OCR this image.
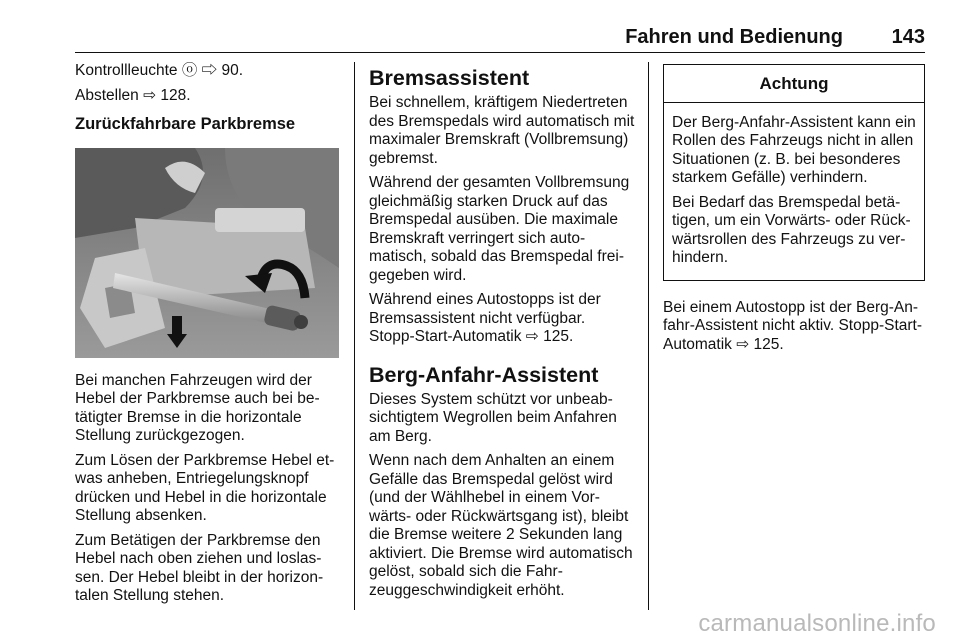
Fahren und Bedienung 143

Kontrollleuchte ⓞ ⇨ 90.

Abstellen ⇨ 128.

Zurückfahrbare Parkbremse

Bei manchen Fahrzeugen wird der Hebel der Parkbremse auch bei betätigter Bremse in die horizontale Stellung zurückgezogen.

Zum Lösen der Parkbremse Hebel etwas anheben, Entriegelungsknopf drücken und Hebel in die horizontale Stellung absenken.

Zum Betätigen der Parkbremse den Hebel nach oben ziehen und loslassen. Der Hebel bleibt in der horizontalen Stellung stehen.

Bremsassistent

Bei schnellem, kräftigem Niedertreten des Bremspedals wird automatisch mit maximaler Bremskraft (Vollbremsung) gebremst.

Während der gesamten Vollbremsung gleichmäßig starken Druck auf das Bremspedal ausüben. Die maximale Bremskraft verringert sich automatisch, sobald das Bremspedal freigegeben wird.

Während eines Autostopps ist der Bremsassistent nicht verfügbar. Stopp-Start-Automatik ⇨ 125.

Berg-Anfahr-Assistent

Dieses System schützt vor unbeabsichtigtem Wegrollen beim Anfahren am Berg.

Wenn nach dem Anhalten an einem Gefälle das Bremspedal gelöst wird (und der Wählhebel in einem Vorwärts- oder Rückwärtsgang ist), bleibt die Bremse weitere 2 Sekunden lang aktiviert. Die Bremse wird automatisch gelöst, sobald sich die Fahrzeuggeschwindigkeit erhöht.

Achtung

Der Berg-Anfahr-Assistent kann ein Rollen des Fahrzeugs nicht in allen Situationen (z. B. bei besonderes starkem Gefälle) verhindern.

Bei Bedarf das Bremspedal betätigen, um ein Vorwärts- oder Rückwärtsrollen des Fahrzeugs zu verhindern.

Bei einem Autostopp ist der Berg-Anfahr-Assistent nicht aktiv. Stopp-Start-Automatik ⇨ 125.

carmanualsonline.info
